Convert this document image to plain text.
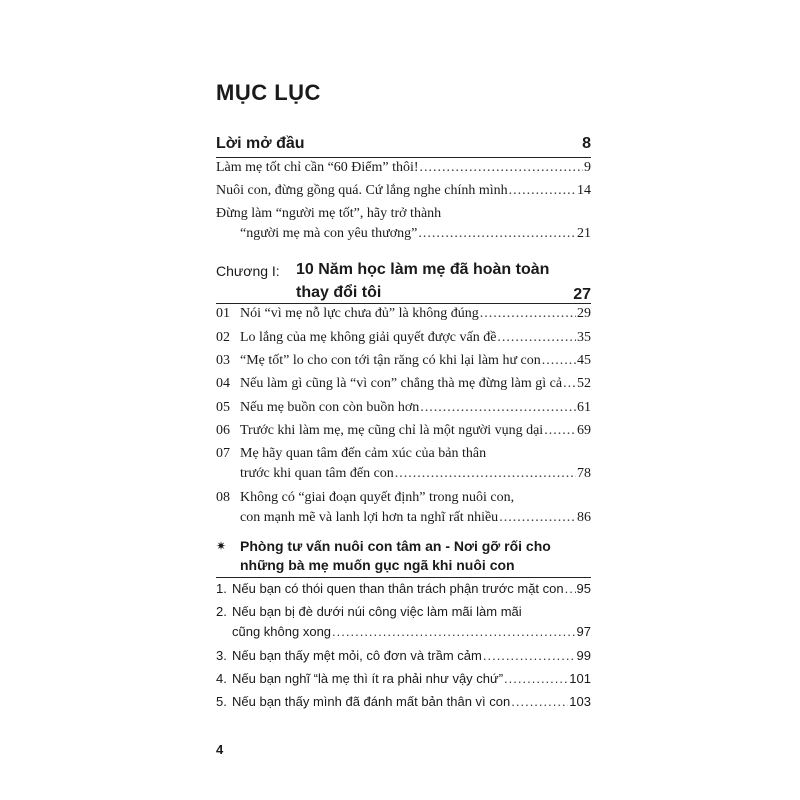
MỤC LỤC
Lời mở đầu	8
Làm mẹ tốt chỉ cần “60 Điểm” thôi! .....	9
Nuôi con, đừng gồng quá. Cứ lắng nghe chính mình .....	14
Đừng làm “người mẹ tốt”, hãy trở thành
“người mẹ mà con yêu thương” .....	21
Chương I: 10 Năm học làm mẹ đã hoàn toàn
thay đổi tôi	27
01 Nói “vì mẹ nỗ lực chưa đủ” là không đúng .....	29
02 Lo lắng của mẹ không giải quyết được vấn đề .....	35
03 “Mẹ tốt” lo cho con tới tận răng có khi lại làm hư con .....	45
04 Nếu làm gì cũng là “vì con” chẳng thà mẹ đừng làm gì cả ..... 52
05 Nếu mẹ buồn con còn buồn hơn .....	61
06 Trước khi làm mẹ, mẹ cũng chỉ là một người vụng dại ..... 69
07 Mẹ hãy quan tâm đến cảm xúc của bản thân
trước khi quan tâm đến con .....	78
08 Không có “giai đoạn quyết định” trong nuôi con,
con mạnh mẽ và lanh lợi hơn ta nghĩ rất nhiều .....	86
✷ Phòng tư vấn nuôi con tâm an - Nơi gỡ rối cho
những bà mẹ muốn gục ngã khi nuôi con
1. Nếu bạn có thói quen than thân trách phận trước mặt con ..... 95
2. Nếu bạn bị đè dưới núi công việc làm mãi làm mãi
cũng không xong .....	97
3. Nếu bạn thấy mệt mỏi, cô đơn và trầm cảm .....	99
4. Nếu bạn nghĩ “là mẹ thì ít ra phải như vậy chứ” .....	101
5. Nếu bạn thấy mình đã đánh mất bản thân vì con .....	103
4
